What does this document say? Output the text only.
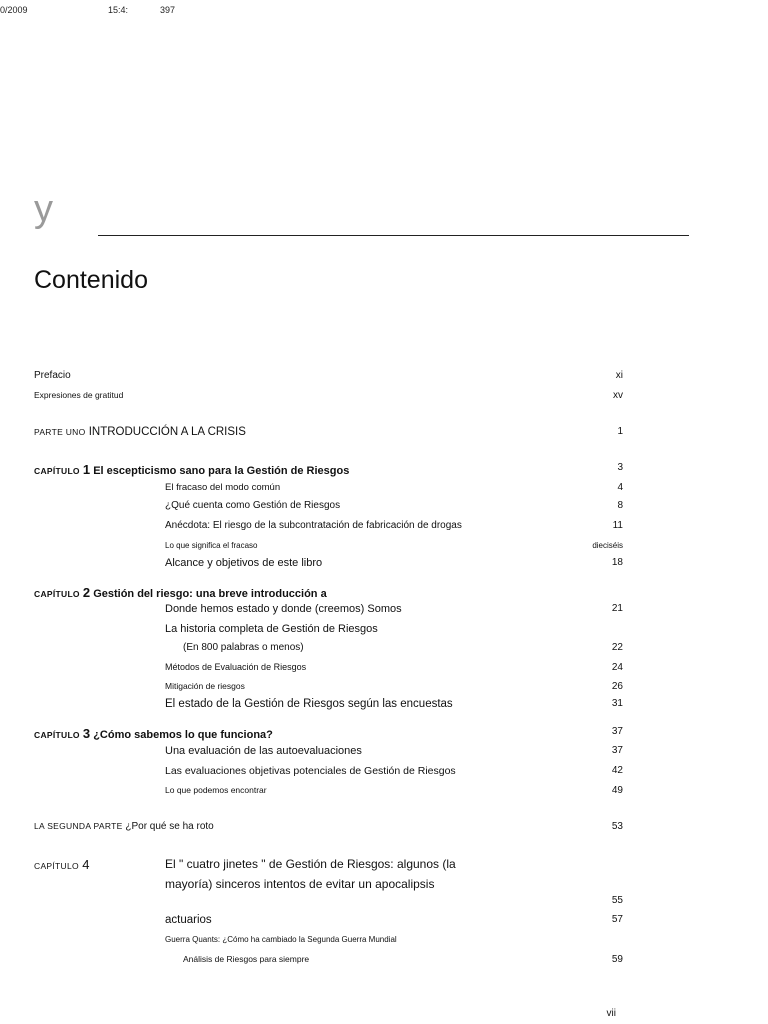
0/2009	15:4:	397
y
Contenido
Prefacio	xi
Expresiones de gratitud	xv
PARTE UNO INTRODUCCIÓN A LA CRISIS	1
CAPÍTULO 1 El escepticismo sano para la Gestión de Riesgos	3
El fracaso del modo común	4
¿Qué cuenta como Gestión de Riesgos	8
Anécdota: El riesgo de la subcontratación de fabricación de drogas	11
Lo que significa el fracaso	dieciséis
Alcance y objetivos de este libro	18
CAPÍTULO 2 Gestión del riesgo: una breve introducción a
Donde hemos estado y donde (creemos) Somos	21
La historia completa de Gestión de Riesgos
(En 800 palabras o menos)	22
Métodos de Evaluación de Riesgos	24
Mitigación de riesgos	26
El estado de la Gestión de Riesgos según las encuestas	31
CAPÍTULO 3 ¿Cómo sabemos lo que funciona?	37
Una evaluación de las autoevaluaciones	37
Las evaluaciones objetivas potenciales de Gestión de Riesgos	42
Lo que podemos encontrar	49
LA SEGUNDA PARTE ¿Por qué se ha roto	53
CAPÍTULO 4	El " cuatro jinetes " de Gestión de Riesgos: algunos (la
mayoría) sinceros intentos de evitar un apocalipsis
55
actuarios	57
Guerra Quants: ¿Cómo ha cambiado la Segunda Guerra Mundial
Análisis de Riesgos para siempre	59
vii
